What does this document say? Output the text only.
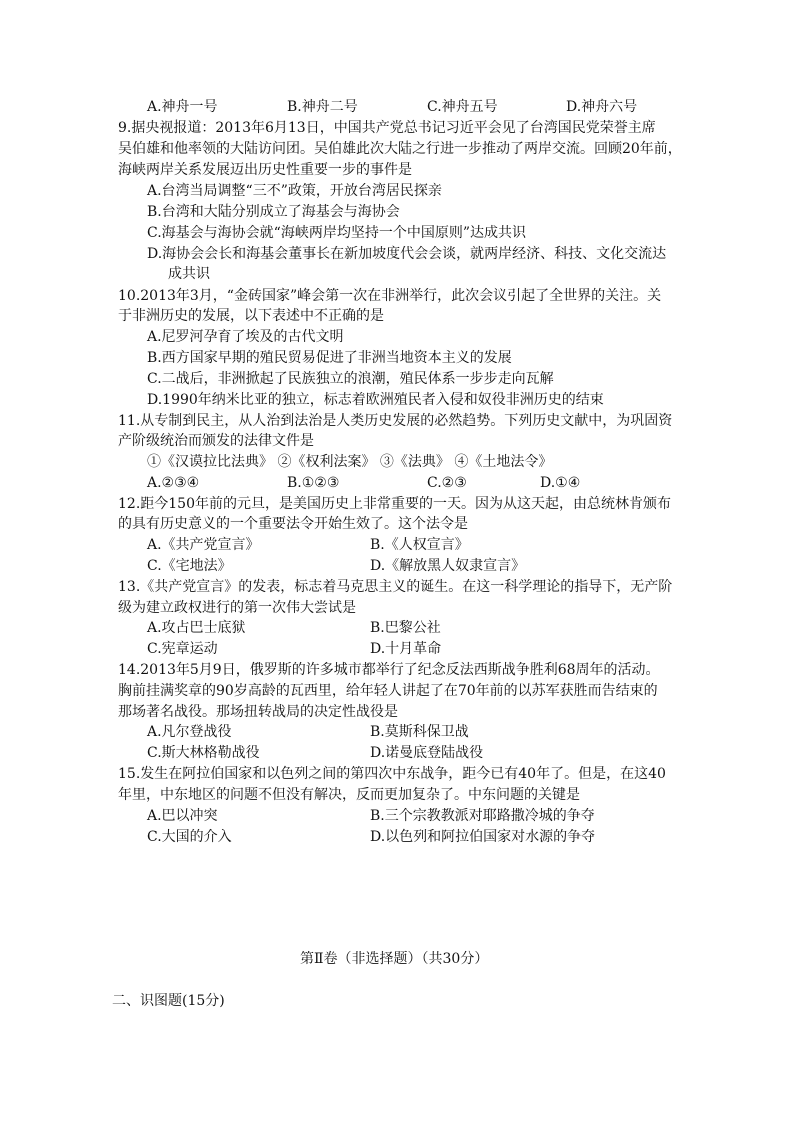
A.神舟一号	B.神舟二号	C.神舟五号	D.神舟六号
9.据央视报道：2013年6月13日，中国共产党总书记习近平会见了台湾国民党荣誉主席
吴伯雄和他率领的大陆访问团。吴伯雄此次大陆之行进一步推动了两岸交流。回顾20年前，
海峡两岸关系发展迈出历史性重要一步的事件是
A.台湾当局调整“三不”政策，开放台湾居民探亲
B.台湾和大陆分别成立了海基会与海协会
C.海基会与海协会就“海峡两岸均坚持一个中国原则”达成共识
D.海协会会长和海基会董事长在新加坡度代会会谈，就两岸经济、科技、文化交流达
成共识
10.2013年3月，“金砖国家”峰会第一次在非洲举行，此次会议引起了全世界的关注。关
于非洲历史的发展，以下表述中不正确的是
A.尼罗河孕育了埃及的古代文明
B.西方国家早期的殖民贸易促进了非洲当地资本主义的发展
C.二战后，非洲掀起了民族独立的浪潮，殖民体系一步步走向瓦解
D.1990年纳米比亚的独立，标志着欧洲殖民者入侵和奴役非洲历史的结束
11.从专制到民主，从人治到法治是人类历史发展的必然趋势。下列历史文献中，为巩固资
产阶级统治而颁发的法律文件是
①《汉谟拉比法典》 ②《权利法案》 ③《法典》 ④《土地法令》
A.②③④	B.①②③	C.②③	D.①④
12.距今150年前的元旦，是美国历史上非常重要的一天。因为从这天起，由总统林肯颁布
的具有历史意义的一个重要法令开始生效了。这个法令是
A.《共产党宣言》	B.《人权宣言》
C.《宅地法》	D.《解放黑人奴隶宣言》
13.《共产党宣言》的发表，标志着马克思主义的诞生。在这一科学理论的指导下，无产阶
级为建立政权进行的第一次伟大尝试是
A.攻占巴士底狱	B.巴黎公社
C.宪章运动	D.十月革命
14.2013年5月9日，俄罗斯的许多城市都举行了纪念反法西斯战争胜利68周年的活动。
胸前挂满奖章的90岁高龄的瓦西里，给年轻人讲起了在70年前的以苏军获胜而告结束的
那场著名战役。那场扭转战局的决定性战役是
A.凡尔登战役	B.莫斯科保卫战
C.斯大林格勒战役	D.诺曼底登陆战役
15.发生在阿拉伯国家和以色列之间的第四次中东战争，距今已有40年了。但是，在这40
年里，中东地区的问题不但没有解决，反而更加复杂了。中东问题的关键是
A.巴以冲突	B.三个宗教教派对耶路撒冷城的争夺
C.大国的介入	D.以色列和阿拉伯国家对水源的争夺
第Ⅱ卷（非选择题）（共30分）
二、识图题(15分)
